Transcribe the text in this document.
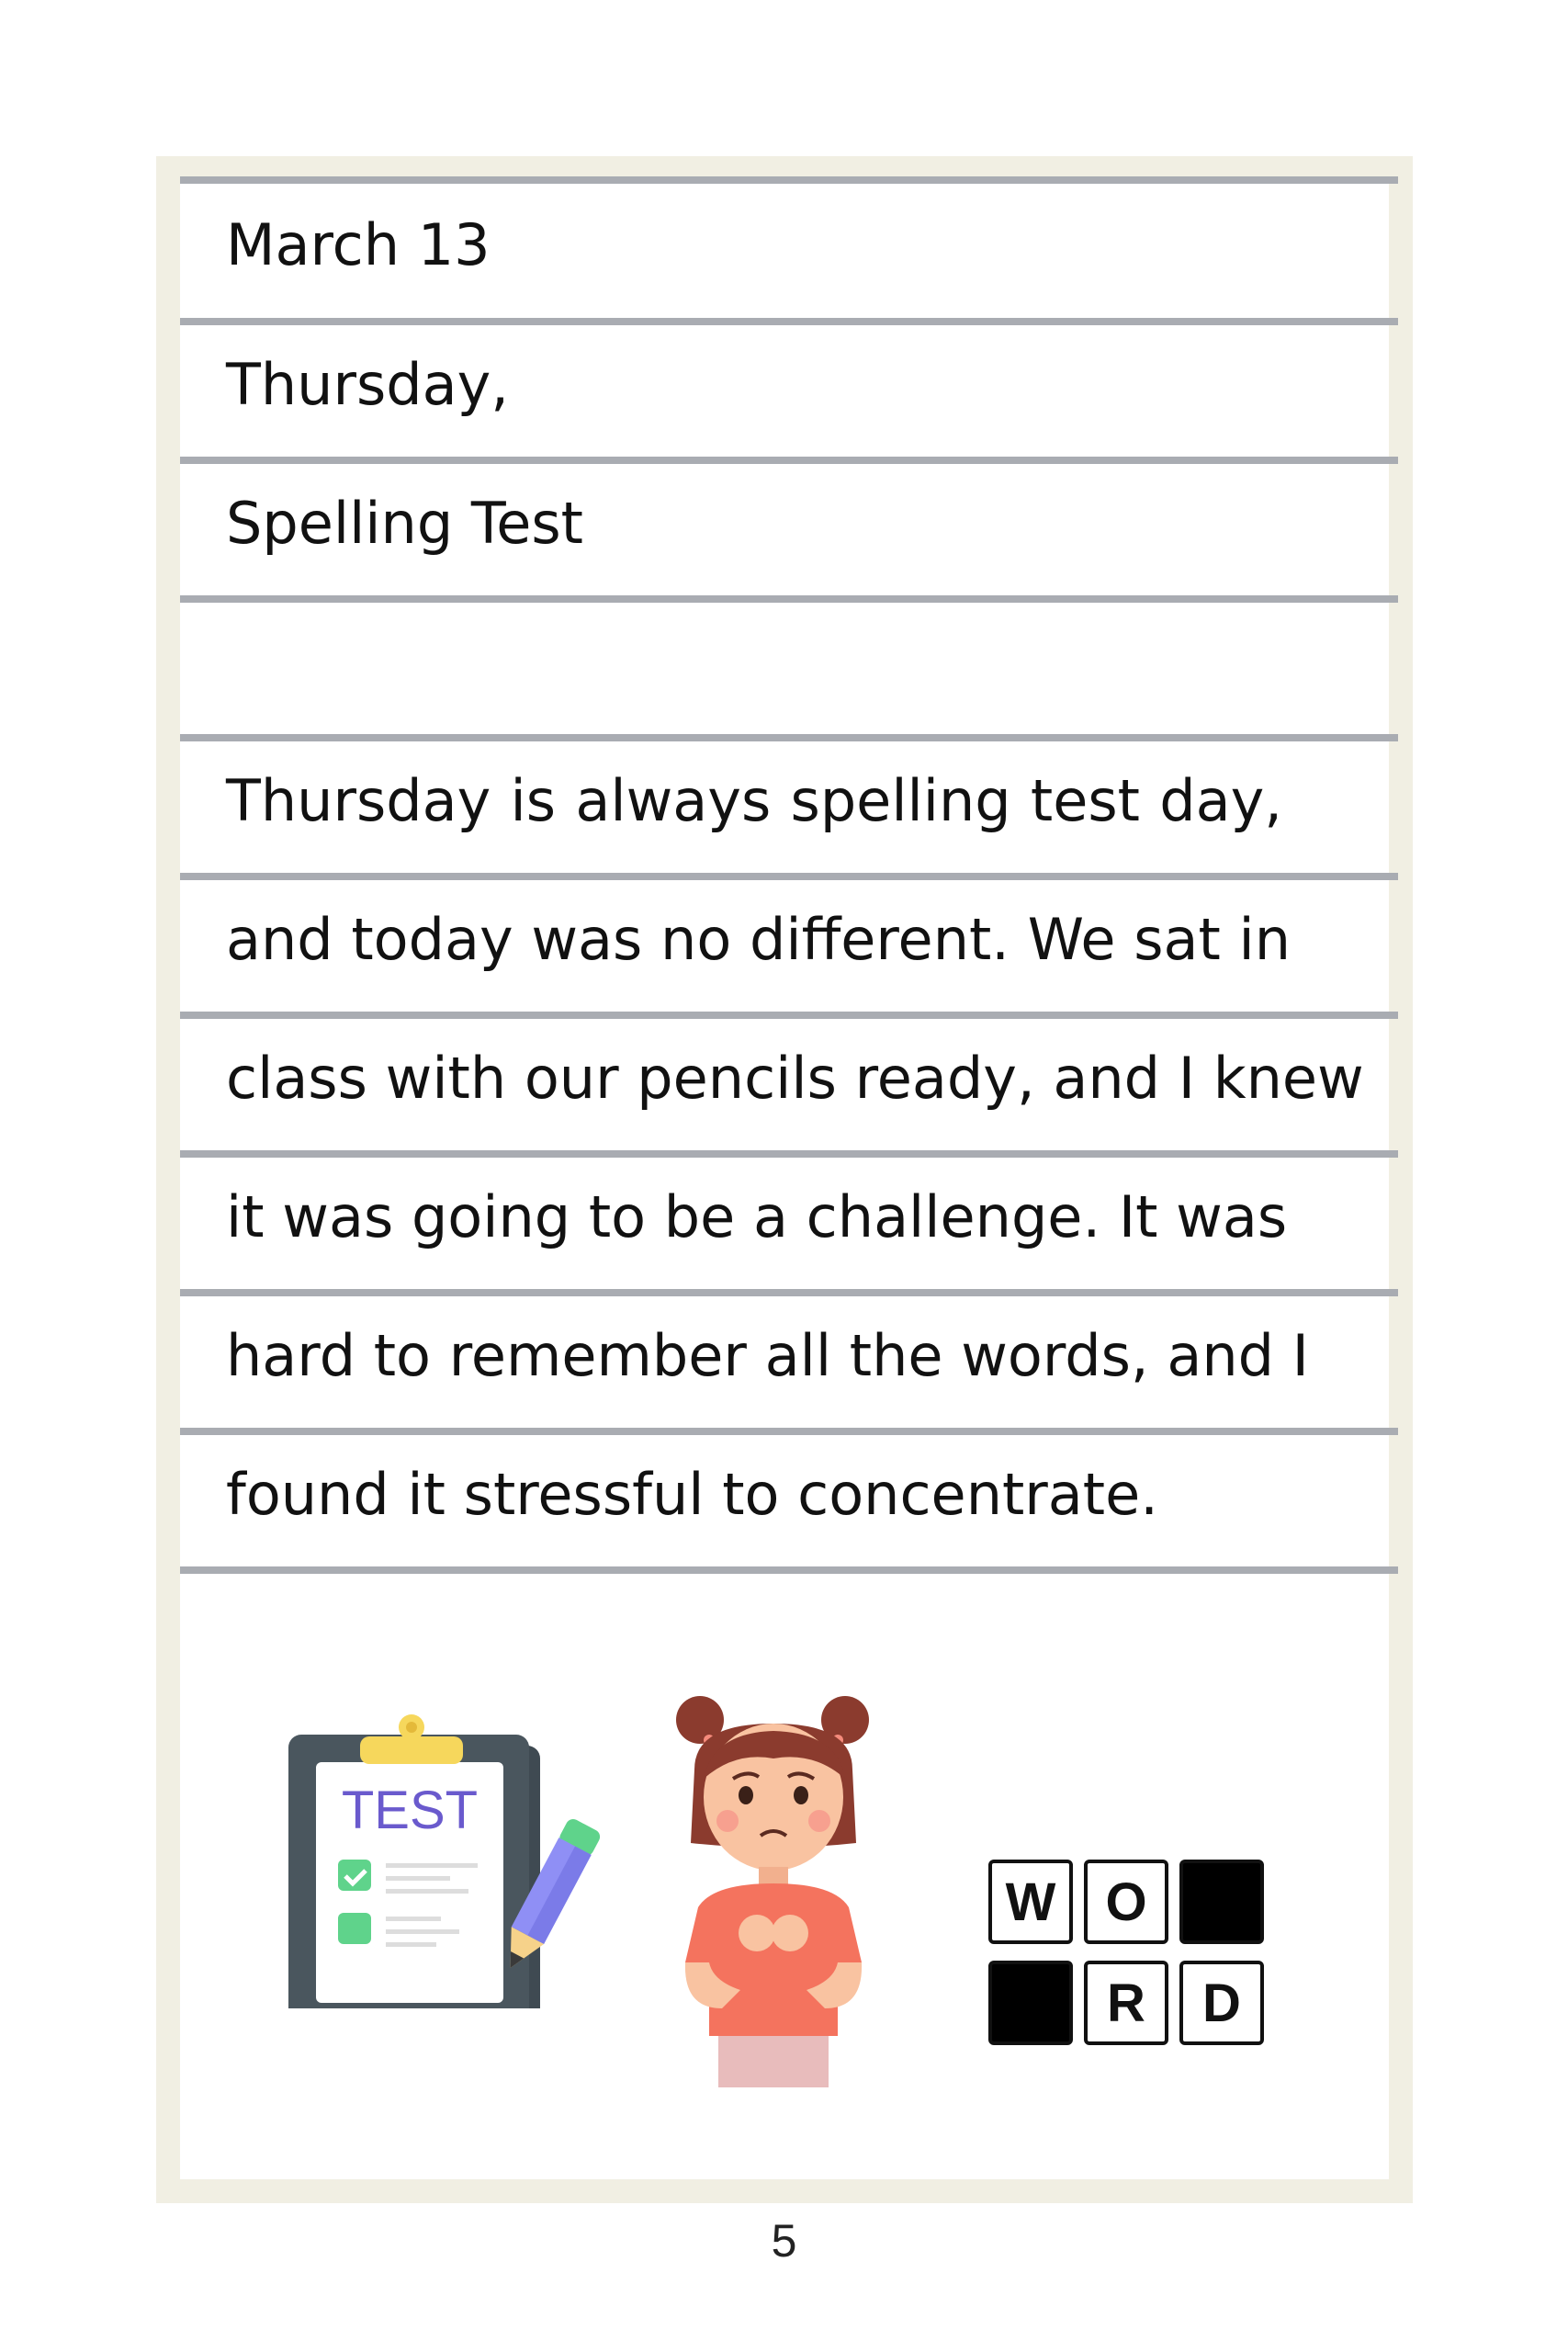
March 13
Thursday,
Spelling Test
Thursday is always spelling test day,
and today was no different. We sat in
class with our pencils ready, and I knew
it was going to be a challenge. It was
hard to remember all the words, and I
found it stressful to concentrate.
TEST
W O
R	D
5
